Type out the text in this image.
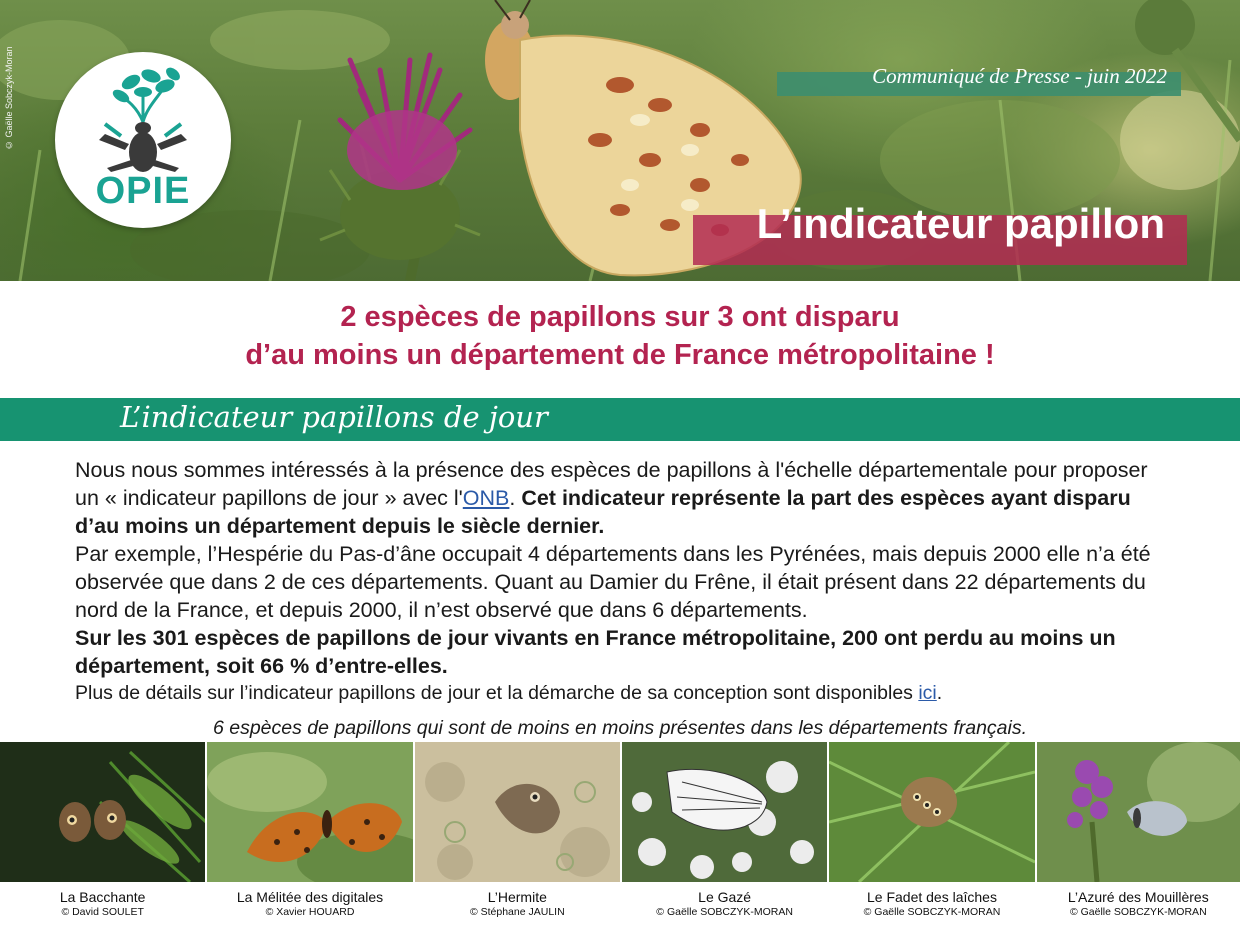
© Gaëlle Sobczyk-Moran
OPIE
Communiqué de Presse - juin 2022
L’indicateur papillon
2 espèces de papillons sur 3 ont disparu
d’au moins un département de France métropolitaine !
L’indicateur papillons de jour

Nous nous sommes intéressés à la présence des espèces de papillons à l'échelle départementale pour proposer un « indicateur papillons de jour » avec l'ONB. Cet indicateur représente la part des espèces ayant disparu d’au moins un département depuis le siècle dernier.

Par exemple, l’Hespérie du Pas-d’âne occupait 4 départements dans les Pyrénées, mais depuis 2000 elle n’a été observée que dans 2 de ces départements. Quant au Damier du Frêne, il était présent dans 22 départements du nord de la France, et depuis 2000, il n’est observé que dans 6 départements.

Sur les 301 espèces de papillons de jour vivants en France métropolitaine, 200 ont perdu au moins un département, soit 66 % d’entre-elles.

Plus de détails sur l’indicateur papillons de jour et la démarche de sa conception sont disponibles ici.

6 espèces de papillons qui sont de moins en moins présentes dans les départements français.
La Bacchante
© David SOULET
La Mélitée des digitales
© Xavier HOUARD
L’Hermite
© Stéphane JAULIN
Le Gazé
© Gaëlle SOBCZYK-MORAN
Le Fadet des laîches
© Gaëlle SOBCZYK-MORAN
L’Azuré des Mouillères
© Gaëlle SOBCZYK-MORAN
